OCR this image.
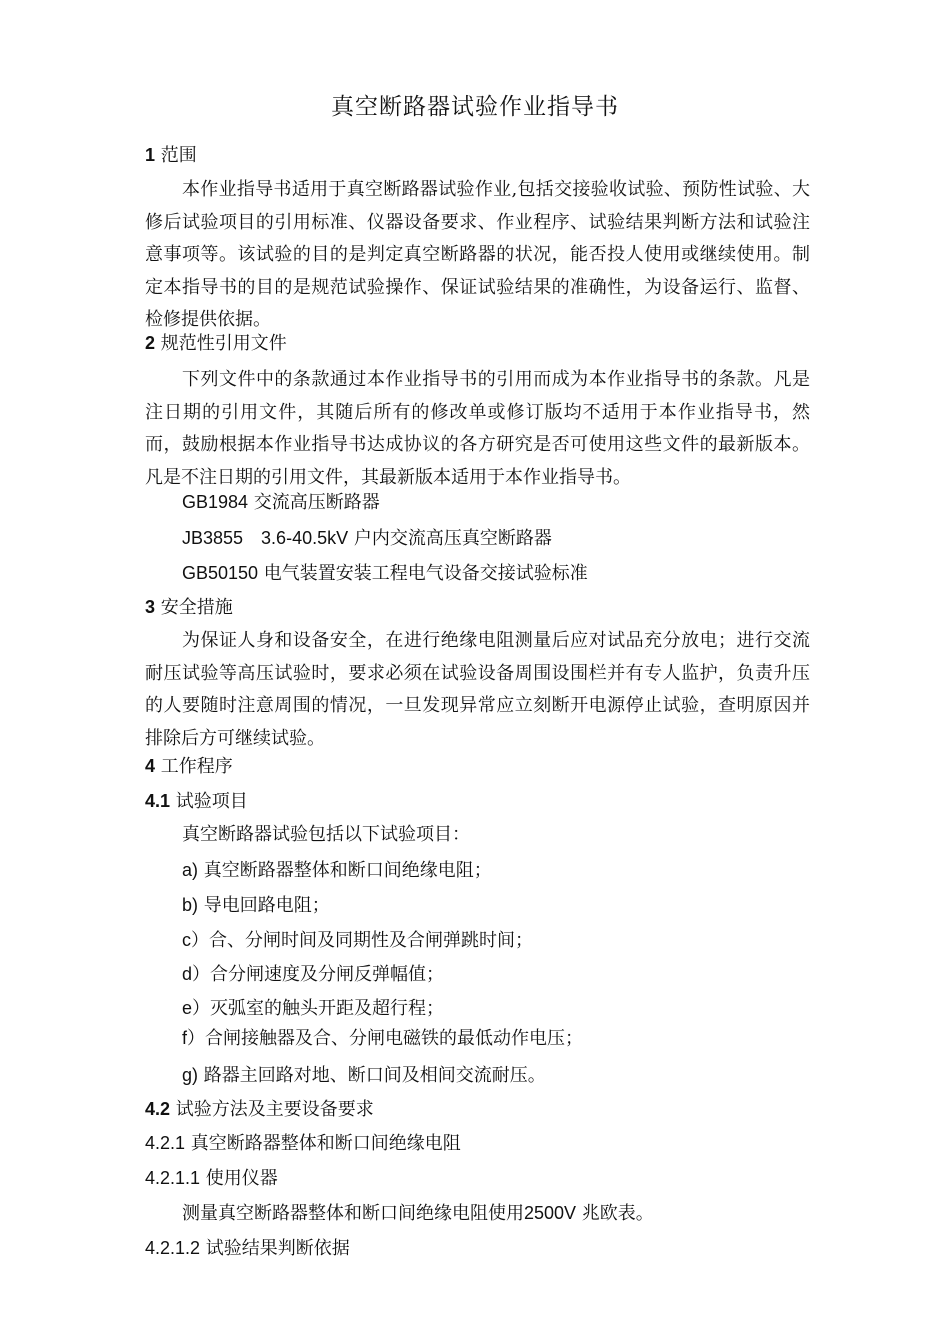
真空断路器试验作业指导书
1 范围
本作业指导书适用于真空断路器试验作业,包括交接验收试验、预防性试验、大修后试验项目的引用标准、仪器设备要求、作业程序、试验结果判断方法和试验注意事项等。该试验的目的是判定真空断路器的状况，能否投人使用或继续使用。制定本指导书的目的是规范试验操作、保证试验结果的准确性，为设备运行、监督、检修提供依据。
2 规范性引用文件
下列文件中的条款通过本作业指导书的引用而成为本作业指导书的条款。凡是注日期的引用文件，其随后所有的修改单或修订版均不适用于本作业指导书，然而，鼓励根据本作业指导书达成协议的各方研究是否可使用这些文件的最新版本。凡是不注日期的引用文件，其最新版本适用于本作业指导书。
GB1984 交流高压断路器
JB3855　3.6-40.5kV 户内交流高压真空断路器
GB50150 电气装置安装工程电气设备交接试验标准
3 安全措施
为保证人身和设备安全，在进行绝缘电阻测量后应对试品充分放电；进行交流耐压试验等高压试验时，要求必须在试验设备周围设围栏并有专人监护，负责升压的人要随时注意周围的情况，一旦发现异常应立刻断开电源停止试验，查明原因并排除后方可继续试验。
4 工作程序
4.1 试验项目
真空断路器试验包括以下试验项目：
a) 真空断路器整体和断口间绝缘电阻；
b) 导电回路电阻；
c）合、分闸时间及同期性及合闸弹跳时间；
d）合分闸速度及分闸反弹幅值；
e）灭弧室的触头开距及超行程；
f）合闸接触器及合、分闸电磁铁的最低动作电压；
g) 路器主回路对地、断口间及相间交流耐压。
4.2 试验方法及主要设备要求
4.2.1 真空断路器整体和断口间绝缘电阻
4.2.1.1 使用仪器
测量真空断路器整体和断口间绝缘电阻使用2500V 兆欧表。
4.2.1.2 试验结果判断依据
